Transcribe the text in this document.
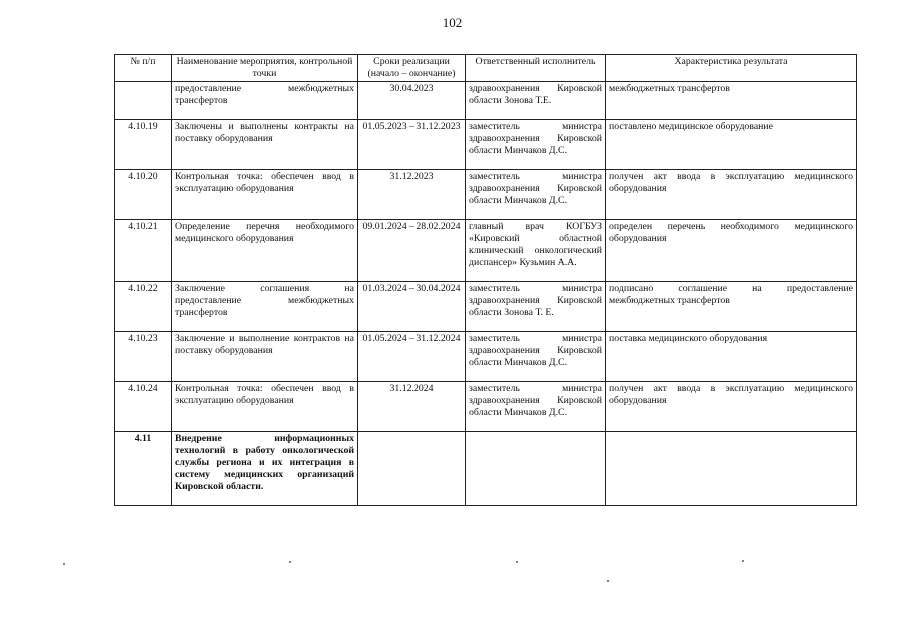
102
№ п/п	Наименование мероприятия, контрольной точки	Сроки реализации (начало – окончание)	Ответственный исполнитель	Характеристика результата
	предоставление межбюджетных трансфертов	30.04.2023	здравоохранения Кировской области Зонова Т.Е.	межбюджетных трансфертов
4.10.19	Заключены и выполнены контракты на поставку оборудования	01.05.2023 – 31.12.2023	заместитель министра здравоохранения Кировской области Минчаков Д.С.	поставлено медицинское оборудование
4.10.20	Контрольная точка: обеспечен ввод в эксплуатацию оборудования	31.12.2023	заместитель министра здравоохранения Кировской области Минчаков Д.С.	получен акт ввода в эксплуатацию медицинского оборудования
4.10.21	Определение перечня необходимого медицинского оборудования	09.01.2024 – 28.02.2024	главный врач КОГБУЗ «Кировский областной клинический онкологический диспансер» Кузьмин А.А.	определен перечень необходимого медицинского оборудования
4.10.22	Заключение соглашения на предоставление межбюджетных трансфертов	01.03.2024 – 30.04.2024	заместитель министра здравоохранения Кировской области Зонова Т. Е.	подписано соглашение на предоставление межбюджетных трансфертов
4.10.23	Заключение и выполнение контрактов на поставку оборудования	01.05.2024 – 31.12.2024	заместитель министра здравоохранения Кировской области Минчаков Д.С.	поставка медицинского оборудования
4.10.24	Контрольная точка: обеспечен ввод в эксплуатацию оборудования	31.12.2024	заместитель министра здравоохранения Кировской области Минчаков Д.С.	получен акт ввода в эксплуатацию медицинского оборудования
4.11	Внедрение информационных технологий в работу онкологической службы региона и их интеграция в систему медицинских организаций Кировской области.			
